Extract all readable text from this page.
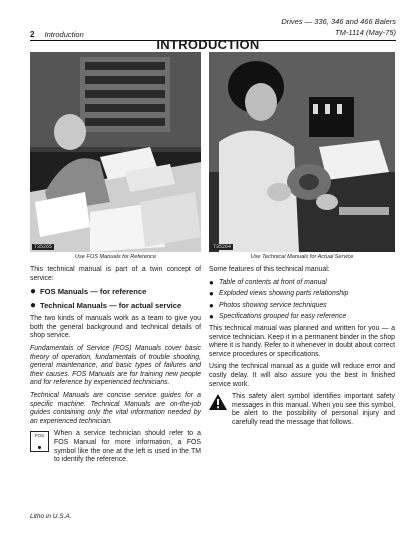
2 Introduction
Drives — 336, 346 and 466 Balers
TM-1114 (May-75)
INTRODUCTION
T35265
Use FOS Manuals for Reference
T35264
Use Technical Manuals for Actual Service

This technical manual is part of a twin concept of service:

● FOS Manuals — for reference
● Technical Manuals — for actual service

The two kinds of manuals work as a team to give you both the general background and technical details of shop service.

Fundamentals of Service (FOS) Manuals cover basic theory of operation, fundamentals of trouble shooting, general maintenance, and basic types of failures and their causes. FOS Manuals are for training new people and for reference by experienced technicians.

Technical Manuals are concise service guides for a specific machine. Technical Manuals are on-the-job guides containing only the vital information needed by an experienced technician.

FOS	When a service technician should refer to a FOS Manual for more information, a FOS symbol like the one at the left is used in the TM to identify the reference.

Some features of this technical manual:

● Table of contents at front of manual
● Exploded views showing parts relationship
● Photos showing service techniques
● Specifications grouped for easy reference

This technical manual was planned and written for you — a service technician. Keep it in a permanent binder in the shop where it is handy. Refer to it whenever in doubt about correct service procedures or specifications.

Using the technical manual as a guide will reduce error and costly delay. It will also assure you the best in finished service work.

This safety alert symbol identifies important safety messages in this manual. When you see this symbol, be alert to the possibility of personal injury and carefully read the message that follows.

Litho in U.S.A.
